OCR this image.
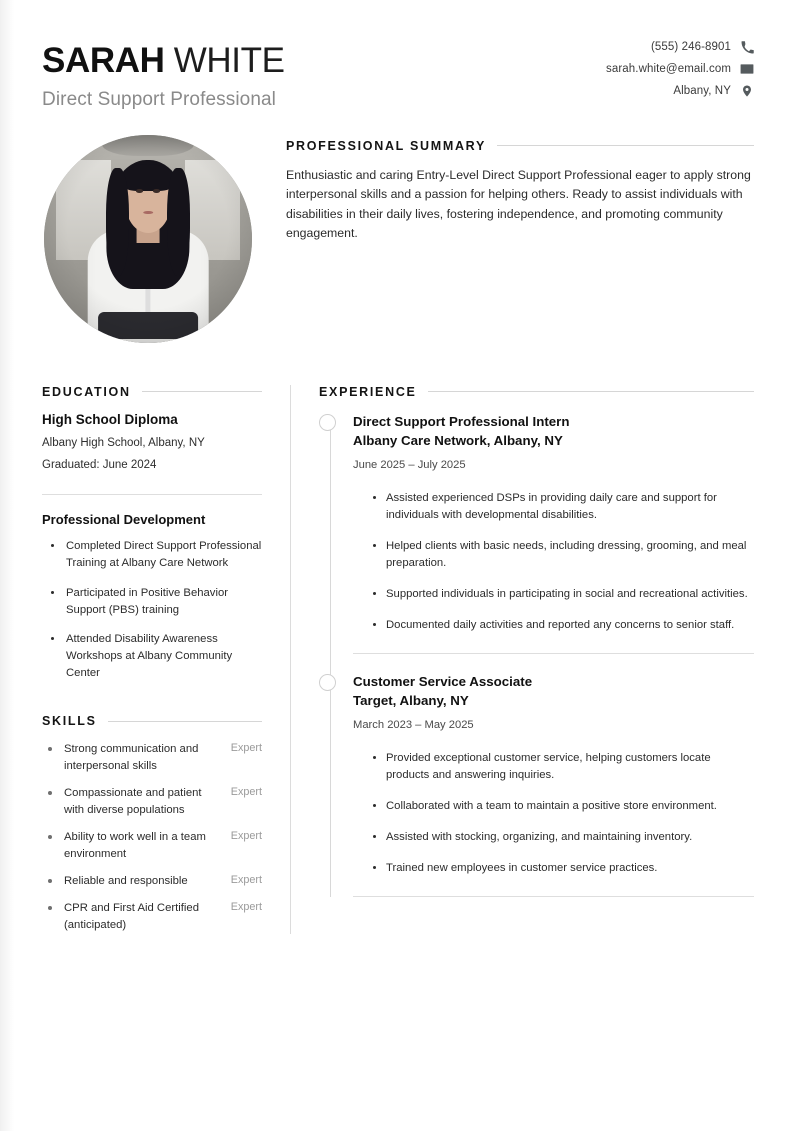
SARAH WHITE
Direct Support Professional
(555) 246-8901
sarah.white@email.com
Albany, NY
PROFESSIONAL SUMMARY
Enthusiastic and caring Entry-Level Direct Support Professional eager to apply strong interpersonal skills and a passion for helping others. Ready to assist individuals with disabilities in their daily lives, fostering independence, and promoting community engagement.
EDUCATION
High School Diploma
Albany High School, Albany, NY
Graduated: June 2024
Professional Development
Completed Direct Support Professional Training at Albany Care Network
Participated in Positive Behavior Support (PBS) training
Attended Disability Awareness Workshops at Albany Community Center
SKILLS
Strong communication and interpersonal skills
Expert
Compassionate and patient with diverse populations
Expert
Ability to work well in a team environment
Expert
Reliable and responsible	Expert
CPR and First Aid Certified (anticipated)
Expert
EXPERIENCE
Direct Support Professional Intern
Albany Care Network, Albany, NY
June 2025 – July 2025
Assisted experienced DSPs in providing daily care and support for individuals with developmental disabilities.
Helped clients with basic needs, including dressing, grooming, and meal preparation.
Supported individuals in participating in social and recreational activities.
Documented daily activities and reported any concerns to senior staff.
Customer Service Associate
Target, Albany, NY
March 2023 – May 2025
Provided exceptional customer service, helping customers locate products and answering inquiries.
Collaborated with a team to maintain a positive store environment.
Assisted with stocking, organizing, and maintaining inventory.
Trained new employees in customer service practices.
